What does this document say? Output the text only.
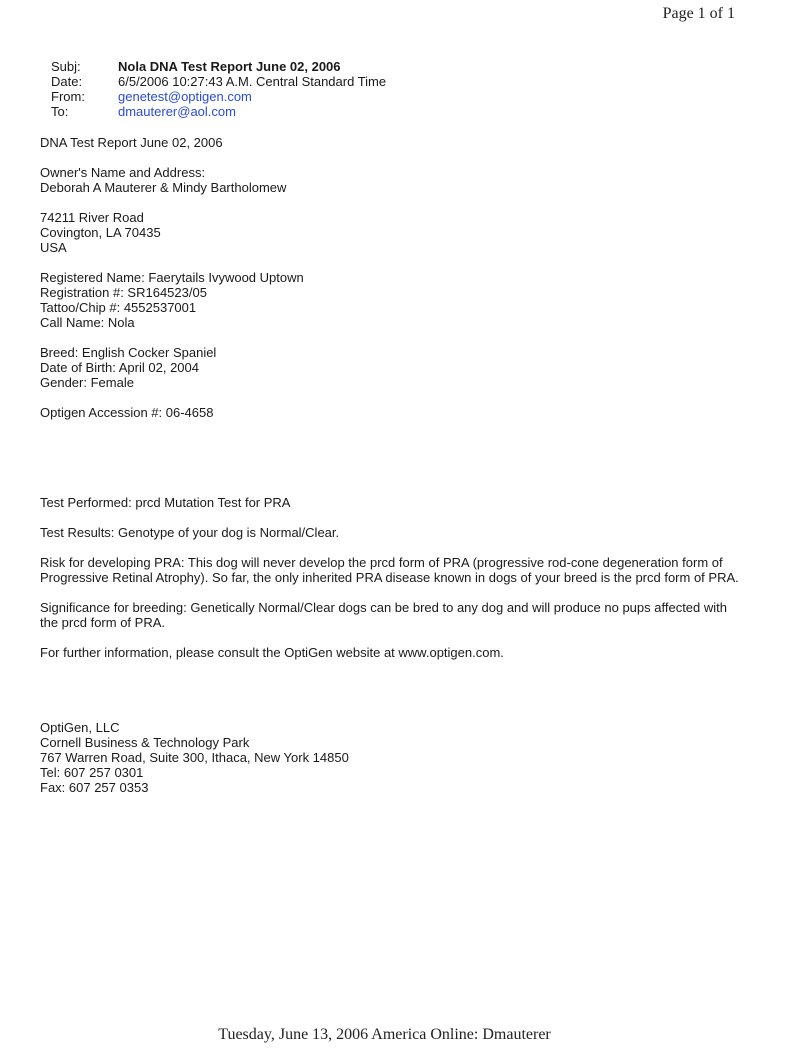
Page 1 of 1
Subj:	Nola DNA Test Report June 02, 2006
Date:	6/5/2006 10:27:43 A.M. Central Standard Time
From:	genetest@optigen.com
To:	dmauterer@aol.com
DNA Test Report June 02, 2006
Owner's Name and Address:
Deborah A Mauterer & Mindy Bartholomew
74211 River Road
Covington, LA 70435
USA
Registered Name: Faerytails Ivywood Uptown
Registration #: SR164523/05
Tattoo/Chip #: 4552537001
Call Name: Nola
Breed: English Cocker Spaniel
Date of Birth: April 02, 2004
Gender: Female
Optigen Accession #: 06-4658
Test Performed: prcd Mutation Test for PRA
Test Results: Genotype of your dog is Normal/Clear.

Risk for developing PRA: This dog will never develop the prcd form of PRA (progressive rod-cone degeneration form of Progressive Retinal Atrophy). So far, the only inherited PRA disease known in dogs of your breed is the prcd form of PRA.

Significance for breeding: Genetically Normal/Clear dogs can be bred to any dog and will produce no pups affected with the prcd form of PRA.

For further information, please consult the OptiGen website at www.optigen.com.
OptiGen, LLC
Cornell Business & Technology Park
767 Warren Road, Suite 300, Ithaca, New York 14850
Tel: 607 257 0301
Fax: 607 257 0353
Tuesday, June 13, 2006 America Online: Dmauterer
